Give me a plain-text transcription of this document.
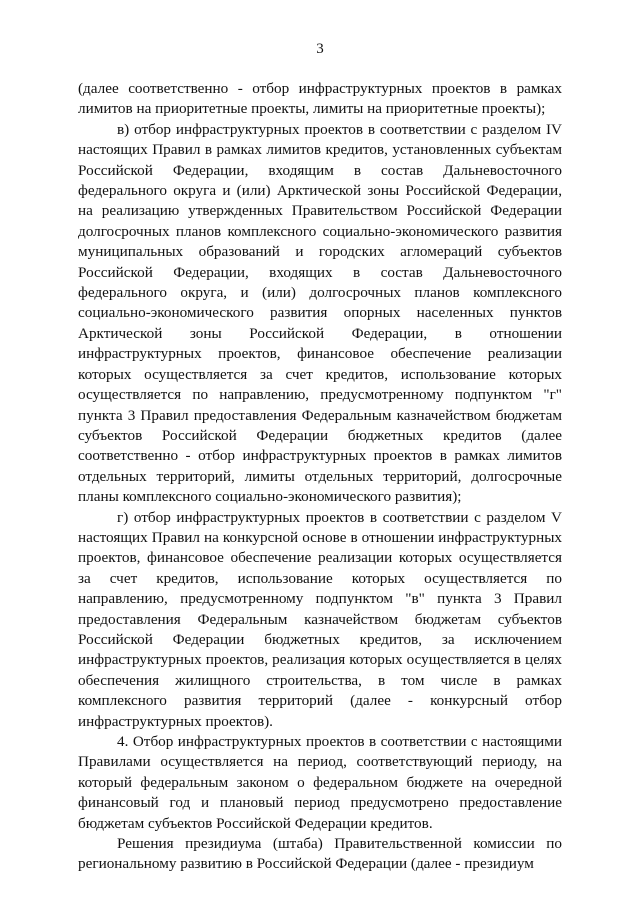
3

(далее соответственно - отбор инфраструктурных проектов в рамках лимитов на приоритетные проекты, лимиты на приоритетные проекты);

в) отбор инфраструктурных проектов в соответствии с разделом IV настоящих Правил в рамках лимитов кредитов, установленных субъектам Российской Федерации, входящим в состав Дальневосточного федерального округа и (или) Арктической зоны Российской Федерации, на реализацию утвержденных Правительством Российской Федерации долгосрочных планов комплексного социально-экономического развития муниципальных образований и городских агломераций субъектов Российской Федерации, входящих в состав Дальневосточного федерального округа, и (или) долгосрочных планов комплексного социально-экономического развития опорных населенных пунктов Арктической зоны Российской Федерации, в отношении инфраструктурных проектов, финансовое обеспечение реализации которых осуществляется за счет кредитов, использование которых осуществляется по направлению, предусмотренному подпунктом "г" пункта 3 Правил предоставления Федеральным казначейством бюджетам субъектов Российской Федерации бюджетных кредитов (далее соответственно - отбор инфраструктурных проектов в рамках лимитов отдельных территорий, лимиты отдельных территорий, долгосрочные планы комплексного социально-экономического развития);

г) отбор инфраструктурных проектов в соответствии с разделом V настоящих Правил на конкурсной основе в отношении инфраструктурных проектов, финансовое обеспечение реализации которых осуществляется за счет кредитов, использование которых осуществляется по направлению, предусмотренному подпунктом "в" пункта 3 Правил предоставления Федеральным казначейством бюджетам субъектов Российской Федерации бюджетных кредитов, за исключением инфраструктурных проектов, реализация которых осуществляется в целях обеспечения жилищного строительства, в том числе в рамках комплексного развития территорий (далее - конкурсный отбор инфраструктурных проектов).

4. Отбор инфраструктурных проектов в соответствии с настоящими Правилами осуществляется на период, соответствующий периоду, на который федеральным законом о федеральном бюджете на очередной финансовый год и плановый период предусмотрено предоставление бюджетам субъектов Российской Федерации кредитов.

Решения президиума (штаба) Правительственной комиссии по региональному развитию в Российской Федерации (далее - президиум
